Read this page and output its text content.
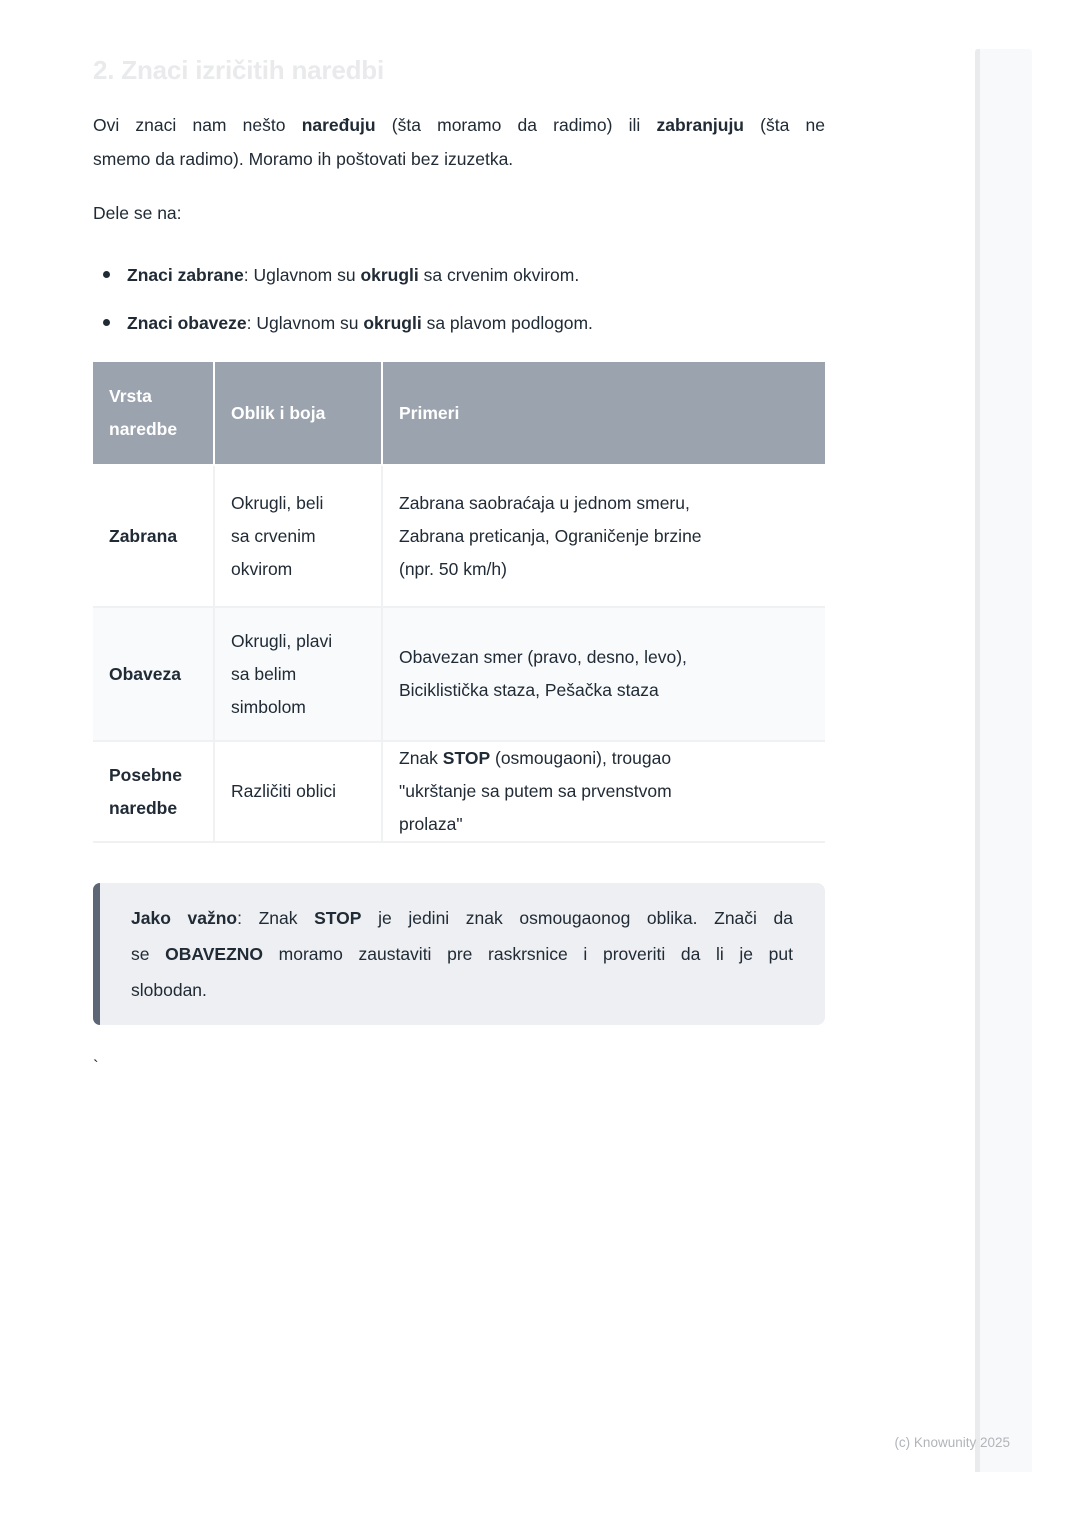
2. Znaci izričitih naredbi
Ovi znaci nam nešto naređuju (šta moramo da radimo) ili zabranjuju (šta ne
smemo da radimo). Moramo ih poštovati bez izuzetka.
Dele se na:
Znaci zabrane: Uglavnom su okrugli sa crvenim okvirom.
Znaci obaveze: Uglavnom su okrugli sa plavom podlogom.
Vrsta naredbe	Oblik i boja	Primeri

Zabrana	Okrugli, beli sa crvenim okvirom	Zabrana saobraćaja u jednom smeru, Zabrana preticanja, Ograničenje brzine (npr. 50 km/h)

Obaveza	Okrugli, plavi sa belim simbolom	Obavezan smer (pravo, desno, levo), Biciklistička staza, Pešačka staza

Posebne naredbe	Različiti oblici	Znak STOP (osmougaoni), trougao "ukrštanje sa putem sa prvenstvom prolaza"
Jako važno: Znak STOP je jedini znak osmougaonog oblika. Znači da
se OBAVEZNO moramo zaustaviti pre raskrsnice i proveriti da li je put
slobodan.
`
(c) Knowunity 2025
